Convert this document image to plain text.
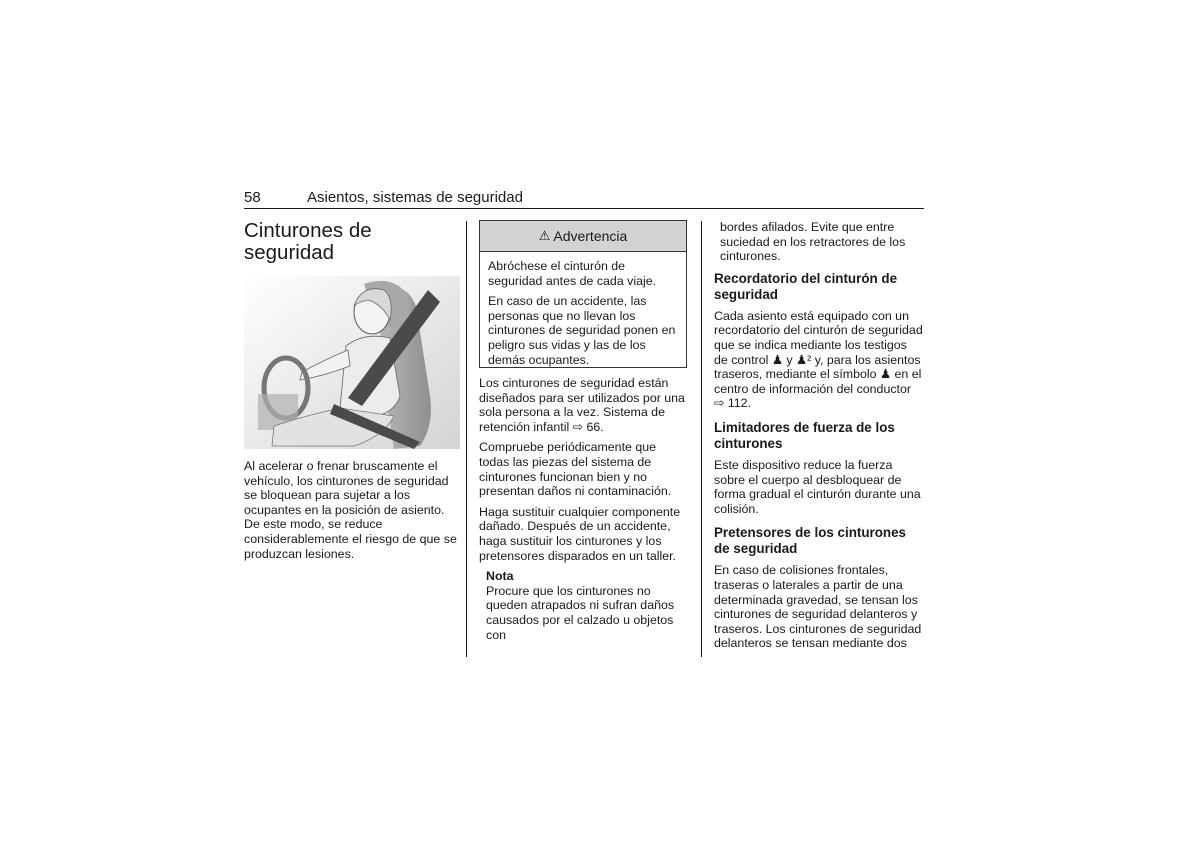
58	Asientos, sistemas de seguridad
Cinturones de seguridad

Al acelerar o frenar bruscamente el vehículo, los cinturones de seguridad se bloquean para sujetar a los ocupantes en la posición de asiento. De este modo, se reduce considerablemente el riesgo de que se produzcan lesiones.

⚠ Advertencia

Abróchese el cinturón de seguridad antes de cada viaje.

En caso de un accidente, las personas que no llevan los cinturones de seguridad ponen en peligro sus vidas y las de los demás ocupantes.

Los cinturones de seguridad están diseñados para ser utilizados por una sola persona a la vez. Sistema de retención infantil ⇨ 66.

Compruebe periódicamente que todas las piezas del sistema de cinturones funcionan bien y no presentan daños ni contaminación.

Haga sustituir cualquier componente dañado. Después de un accidente, haga sustituir los cinturones y los pretensores disparados en un taller.

Nota

Procure que los cinturones no queden atrapados ni sufran daños causados por el calzado u objetos con

bordes afilados. Evite que entre suciedad en los retractores de los cinturones.

Recordatorio del cinturón de seguridad

Cada asiento está equipado con un recordatorio del cinturón de seguridad que se indica mediante los testigos de control ♟ y ♟² y, para los asientos traseros, mediante el símbolo ♟ en el centro de información del conductor ⇨ 112.

Limitadores de fuerza de los cinturones

Este dispositivo reduce la fuerza sobre el cuerpo al desbloquear de forma gradual el cinturón durante una colisión.

Pretensores de los cinturones de seguridad

En caso de colisiones frontales, traseras o laterales a partir de una determinada gravedad, se tensan los cinturones de seguridad delanteros y traseros. Los cinturones de seguridad delanteros se tensan mediante dos
